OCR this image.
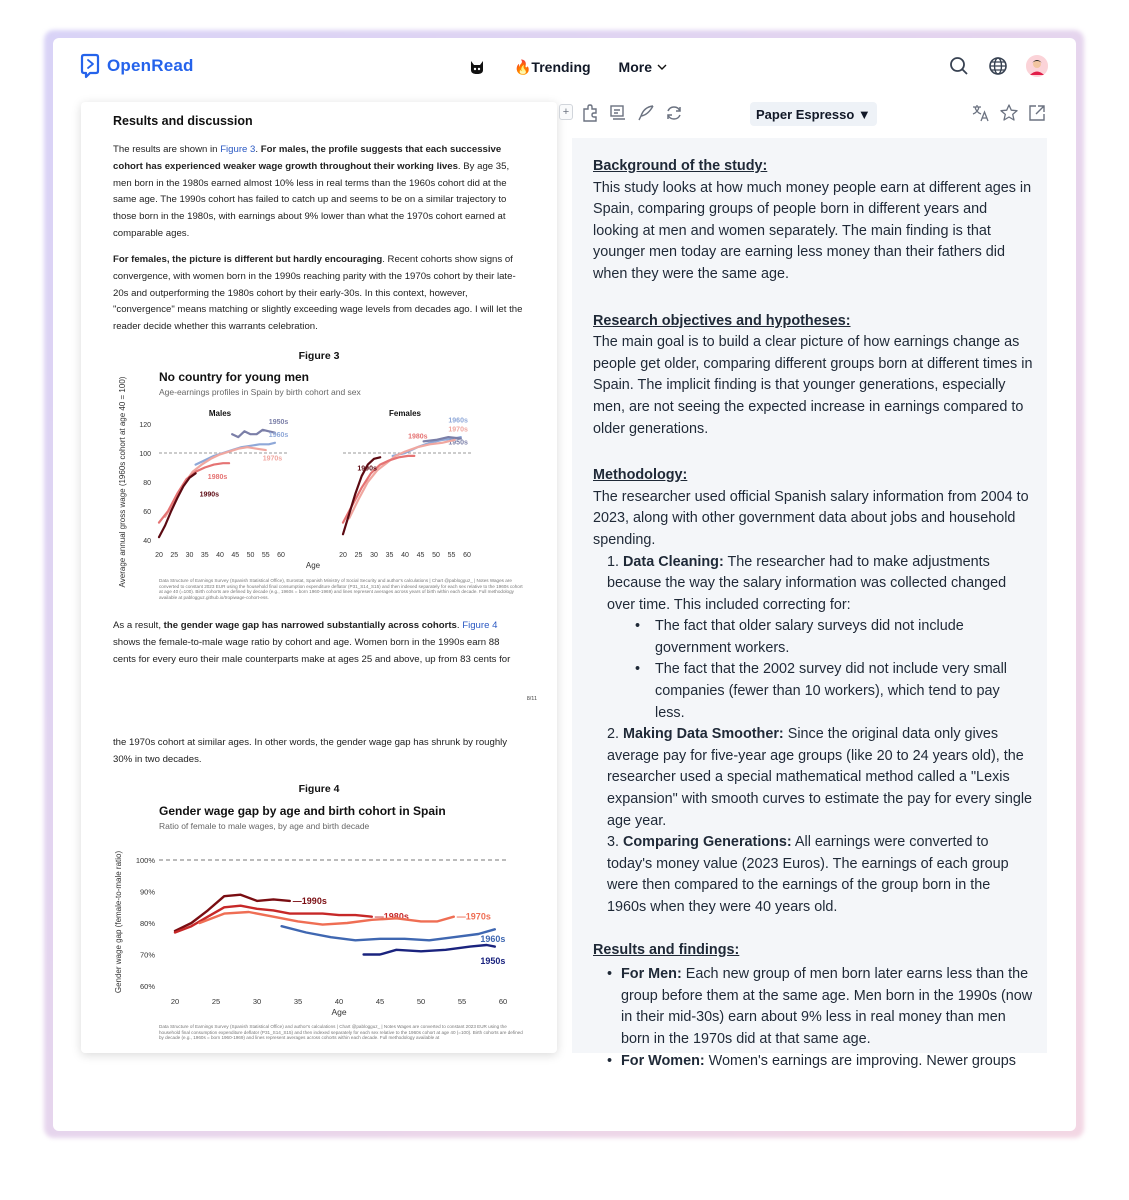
OpenRead	🔥Trending More
Results and discussion
The results are shown in Figure 3. For males, the profile suggests that each successive cohort has experienced weaker wage growth throughout their working lives. By age 35, men born in the 1980s earned almost 10% less in real terms than the 1960s cohort did at the same age. The 1990s cohort has failed to catch up and seems to be on a similar trajectory to those born in the 1980s, with earnings about 9% lower than what the 1970s cohort earned at comparable ages.
For females, the picture is different but hardly encouraging. Recent cohorts show signs of convergence, with women born in the 1990s reaching parity with the 1970s cohort by their late-20s and outperforming the 1980s cohort by their early-30s. In this context, however, "convergence" means matching or slightly exceeding wage levels from decades ago. I will let the reader decide whether this warrants celebration.
Figure 3
No country for young men
Age-earnings profiles in Spain by birth cohort and sex
Average annual gross wage (1960s cohort at age 40 = 100) 40
60
80
100
120
Males
20 25 30 35 40 45 50 55 60
1950s
1960s
1970s
1980s
1990s
Females
20 25 30 35 40 45 50 55 60
1960s
1950s
1970s
1980s
1990s
Age
Data Structure of Earnings Survey (Spanish Statistical Office), Eurostat, Spanish Ministry of Social Security and author's calculations | Chart @pablogguz_ | Notes Wages are converted to constant 2023 EUR using the household final consumption expenditure deflator (P31_S14_S15) and then indexed separately for each sex relative to the 1960s cohort at age 40 (=100). Birth cohorts are defined by decade (e.g., 1960s = born 1960-1969) and lines represent averages across years of birth within each decade. Full methodology available at pablogguz.github.io/tropiwage-cohort-ess.
As a result, the gender wage gap has narrowed substantially across cohorts. Figure 4 shows the female-to-male wage ratio by cohort and age. Women born in the 1990s earn 88 cents for every euro their male counterparts make at ages 25 and above, up from 83 cents for
8/11
the 1970s cohort at similar ages. In other words, the gender wage gap has shrunk by roughly 30% in two decades.
Figure 4
Gender wage gap by age and birth cohort in Spain
Ratio of female to male wages, by age and birth decade
Gender wage gap (female-to-male ratio) 60%
70%
80%
90%
100%
20	25	30	35	40	45	50	55	60
—1990s
—1980s	—1970s
1960s
1950s
Age
Data Structure of Earnings Survey (Spanish Statistical Office) and author's calculations | Chart @pablogguz_ | Notes Wages are converted to constant 2023 EUR using the household final consumption expenditure deflator (P31_S14_S15) and then indexed separately for each sex relative to the 1960s cohort at age 40 (=100). Birth cohorts are defined by decade (e.g., 1960s = born 1960-1969) and lines represent averages across cohorts within each decade. Full methodology available at
+	Paper Espresso ▼
Background of the study:
This study looks at how much money people earn at different ages in Spain, comparing groups of people born in different years and looking at men and women separately. The main finding is that younger men today are earning less money than their fathers did when they were the same age.
Research objectives and hypotheses:
The main goal is to build a clear picture of how earnings change as people get older, comparing different groups born at different times in Spain. The implicit finding is that younger generations, especially men, are not seeing the expected increase in earnings compared to older generations.
Methodology:
The researcher used official Spanish salary information from 2004 to 2023, along with other government data about jobs and household spending.
1. Data Cleaning: The researcher had to make adjustments because the way the salary information was collected changed over time. This included correcting for:
• The fact that older salary surveys did not include government workers.
• The fact that the 2002 survey did not include very small companies (fewer than 10 workers), which tend to pay less.
2. Making Data Smoother: Since the original data only gives average pay for five-year age groups (like 20 to 24 years old), the researcher used a special mathematical method called a "Lexis expansion" with smooth curves to estimate the pay for every single age year.
3. Comparing Generations: All earnings were converted to today's money value (2023 Euros). The earnings of each group were then compared to the earnings of the group born in the 1960s when they were 40 years old.
Results and findings:
• For Men: Each new group of men born later earns less than the group before them at the same age. Men born in the 1990s (now in their mid-30s) earn about 9% less in real money than men born in the 1970s did at that same age.
• For Women: Women's earnings are improving. Newer groups
